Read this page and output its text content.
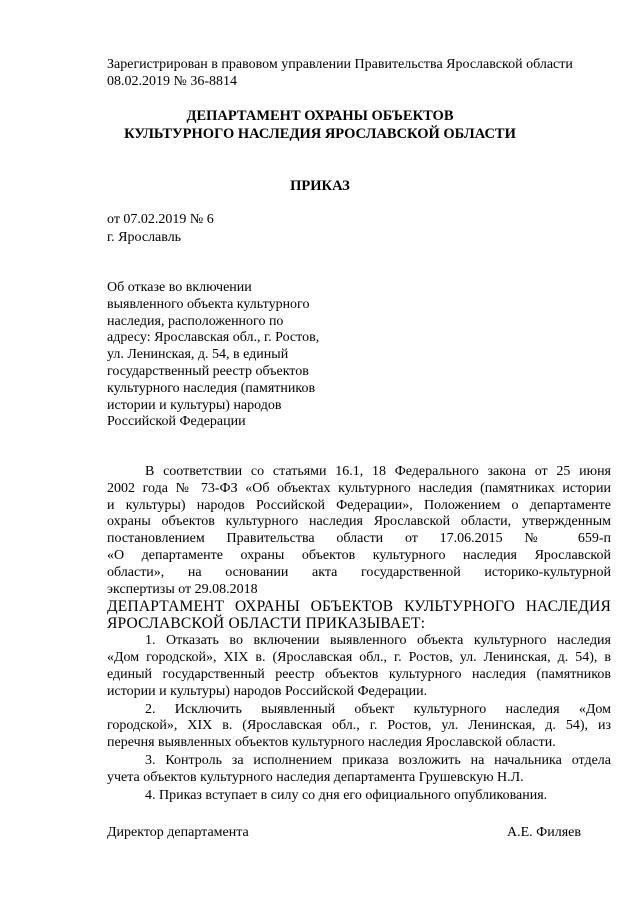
Зарегистрирован в правовом управлении Правительства Ярославской области
08.02.2019 № 36-8814
ДЕПАРТАМЕНТ ОХРАНЫ ОБЪЕКТОВ
КУЛЬТУРНОГО НАСЛЕДИЯ ЯРОСЛАВСКОЙ ОБЛАСТИ
ПРИКАЗ
от 07.02.2019 № 6
г. Ярославль
Об отказе во включении
выявленного объекта культурного
наследия, расположенного по
адресу: Ярославская обл., г. Ростов,
ул. Ленинская, д. 54, в единый
государственный реестр объектов
культурного наследия (памятников
истории и культуры) народов
Российской Федерации
В соответствии со статьями 16.1, 18 Федерального закона от 25 июня
2002 года № 73-ФЗ «Об объектах культурного наследия (памятниках истории
и культуры) народов Российской Федерации», Положением о департаменте
охраны объектов культурного наследия Ярославской области, утвержденным
постановлением Правительства области от 17.06.2015 № 659-п
«О департаменте охраны объектов культурного наследия Ярославской
области», на основании акта государственной историко-культурной
экспертизы от 29.08.2018
ДЕПАРТАМЕНТ ОХРАНЫ ОБЪЕКТОВ КУЛЬТУРНОГО НАСЛЕДИЯ
ЯРОСЛАВСКОЙ ОБЛАСТИ ПРИКАЗЫВАЕТ:
1. Отказать во включении выявленного объекта культурного наследия
«Дом городской», XIX в. (Ярославская обл., г. Ростов, ул. Ленинская, д. 54), в
единый государственный реестр объектов культурного наследия (памятников
истории и культуры) народов Российской Федерации.
2. Исключить выявленный объект культурного наследия «Дом
городской», XIX в. (Ярославская обл., г. Ростов, ул. Ленинская, д. 54), из
перечня выявленных объектов культурного наследия Ярославской области.
3. Контроль за исполнением приказа возложить на начальника отдела
учета объектов культурного наследия департамента Грушевскую Н.Л.
4. Приказ вступает в силу со дня его официального опубликования.
Директор департамента	А.Е. Филяев
